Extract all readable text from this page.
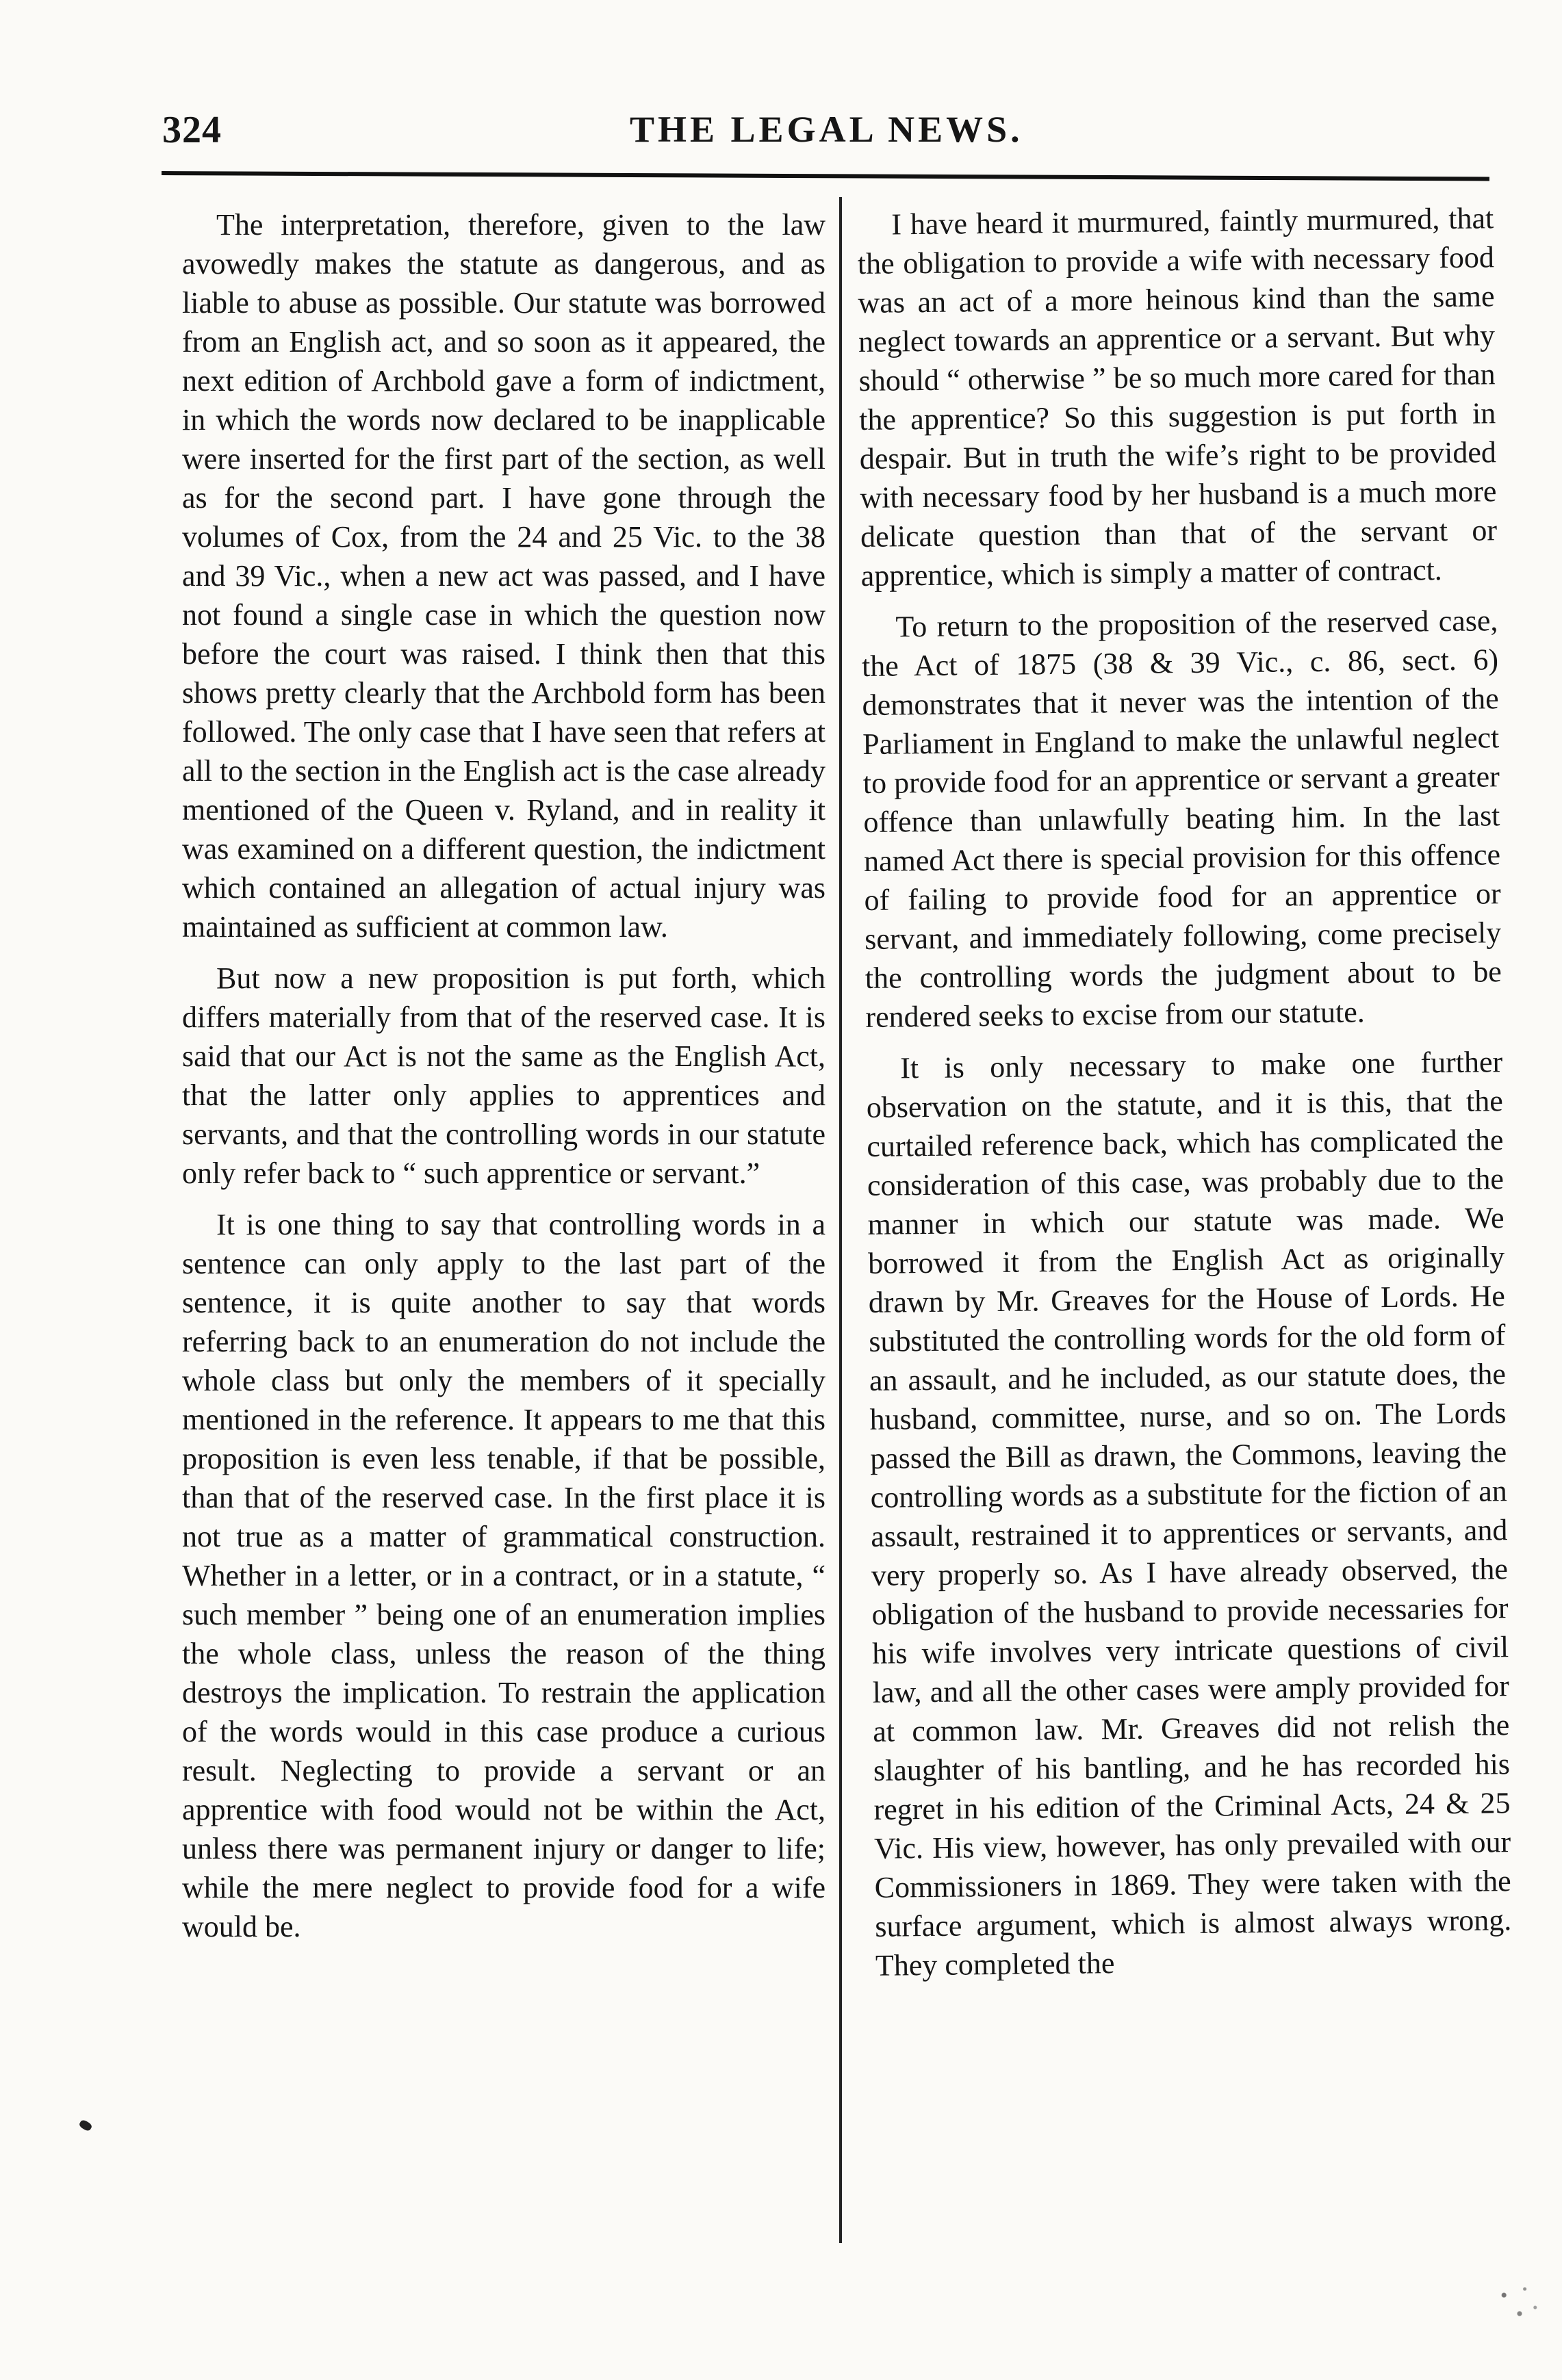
324	THE LEGAL NEWS.

The interpretation, therefore, given to the law avowedly makes the statute as dangerous, and as liable to abuse as possible. Our statute was borrowed from an English act, and so soon as it appeared, the next edition of Archbold gave a form of indictment, in which the words now declared to be inapplicable were inserted for the first part of the section, as well as for the second part. I have gone through the volumes of Cox, from the 24 and 25 Vic. to the 38 and 39 Vic., when a new act was passed, and I have not found a single case in which the question now before the court was raised. I think then that this shows pretty clearly that the Archbold form has been followed. The only case that I have seen that refers at all to the section in the English act is the case already mentioned of the Queen v. Ryland, and in reality it was examined on a different question, the indictment which contained an allegation of actual injury was maintained as sufficient at common law.

But now a new proposition is put forth, which differs materially from that of the reserved case. It is said that our Act is not the same as the English Act, that the latter only applies to apprentices and servants, and that the controlling words in our statute only refer back to “ such apprentice or servant.”

It is one thing to say that controlling words in a sentence can only apply to the last part of the sentence, it is quite another to say that words referring back to an enumeration do not include the whole class but only the members of it specially mentioned in the reference. It appears to me that this proposition is even less tenable, if that be possible, than that of the reserved case. In the first place it is not true as a matter of grammatical construction. Whether in a letter, or in a contract, or in a statute, “ such member ” being one of an enumeration implies the whole class, unless the reason of the thing destroys the implication. To restrain the application of the words would in this case produce a curious result. Neglecting to provide a servant or an apprentice with food would not be within the Act, unless there was permanent injury or danger to life; while the mere neglect to provide food for a wife would be.

I have heard it murmured, faintly murmured, that the obligation to provide a wife with necessary food was an act of a more heinous kind than the same neglect towards an apprentice or a servant. But why should “ otherwise ” be so much more cared for than the apprentice? So this suggestion is put forth in despair. But in truth the wife’s right to be provided with necessary food by her husband is a much more delicate question than that of the servant or apprentice, which is simply a matter of contract.

To return to the proposition of the reserved case, the Act of 1875 (38 & 39 Vic., c. 86, sect. 6) demonstrates that it never was the intention of the Parliament in England to make the unlawful neglect to provide food for an apprentice or servant a greater offence than unlawfully beating him. In the last named Act there is special provision for this offence of failing to provide food for an apprentice or servant, and immediately following, come precisely the controlling words the judgment about to be rendered seeks to excise from our statute.

It is only necessary to make one further observation on the statute, and it is this, that the curtailed reference back, which has complicated the consideration of this case, was probably due to the manner in which our statute was made. We borrowed it from the English Act as originally drawn by Mr. Greaves for the House of Lords. He substituted the controlling words for the old form of an assault, and he included, as our statute does, the husband, committee, nurse, and so on. The Lords passed the Bill as drawn, the Commons, leaving the controlling words as a substitute for the fiction of an assault, restrained it to apprentices or servants, and very properly so. As I have already observed, the obligation of the husband to provide necessaries for his wife involves very intricate questions of civil law, and all the other cases were amply provided for at common law. Mr. Greaves did not relish the slaughter of his bantling, and he has recorded his regret in his edition of the Criminal Acts, 24 & 25 Vic. His view, however, has only prevailed with our Commissioners in 1869. They were taken with the surface argument, which is almost always wrong. They completed the
